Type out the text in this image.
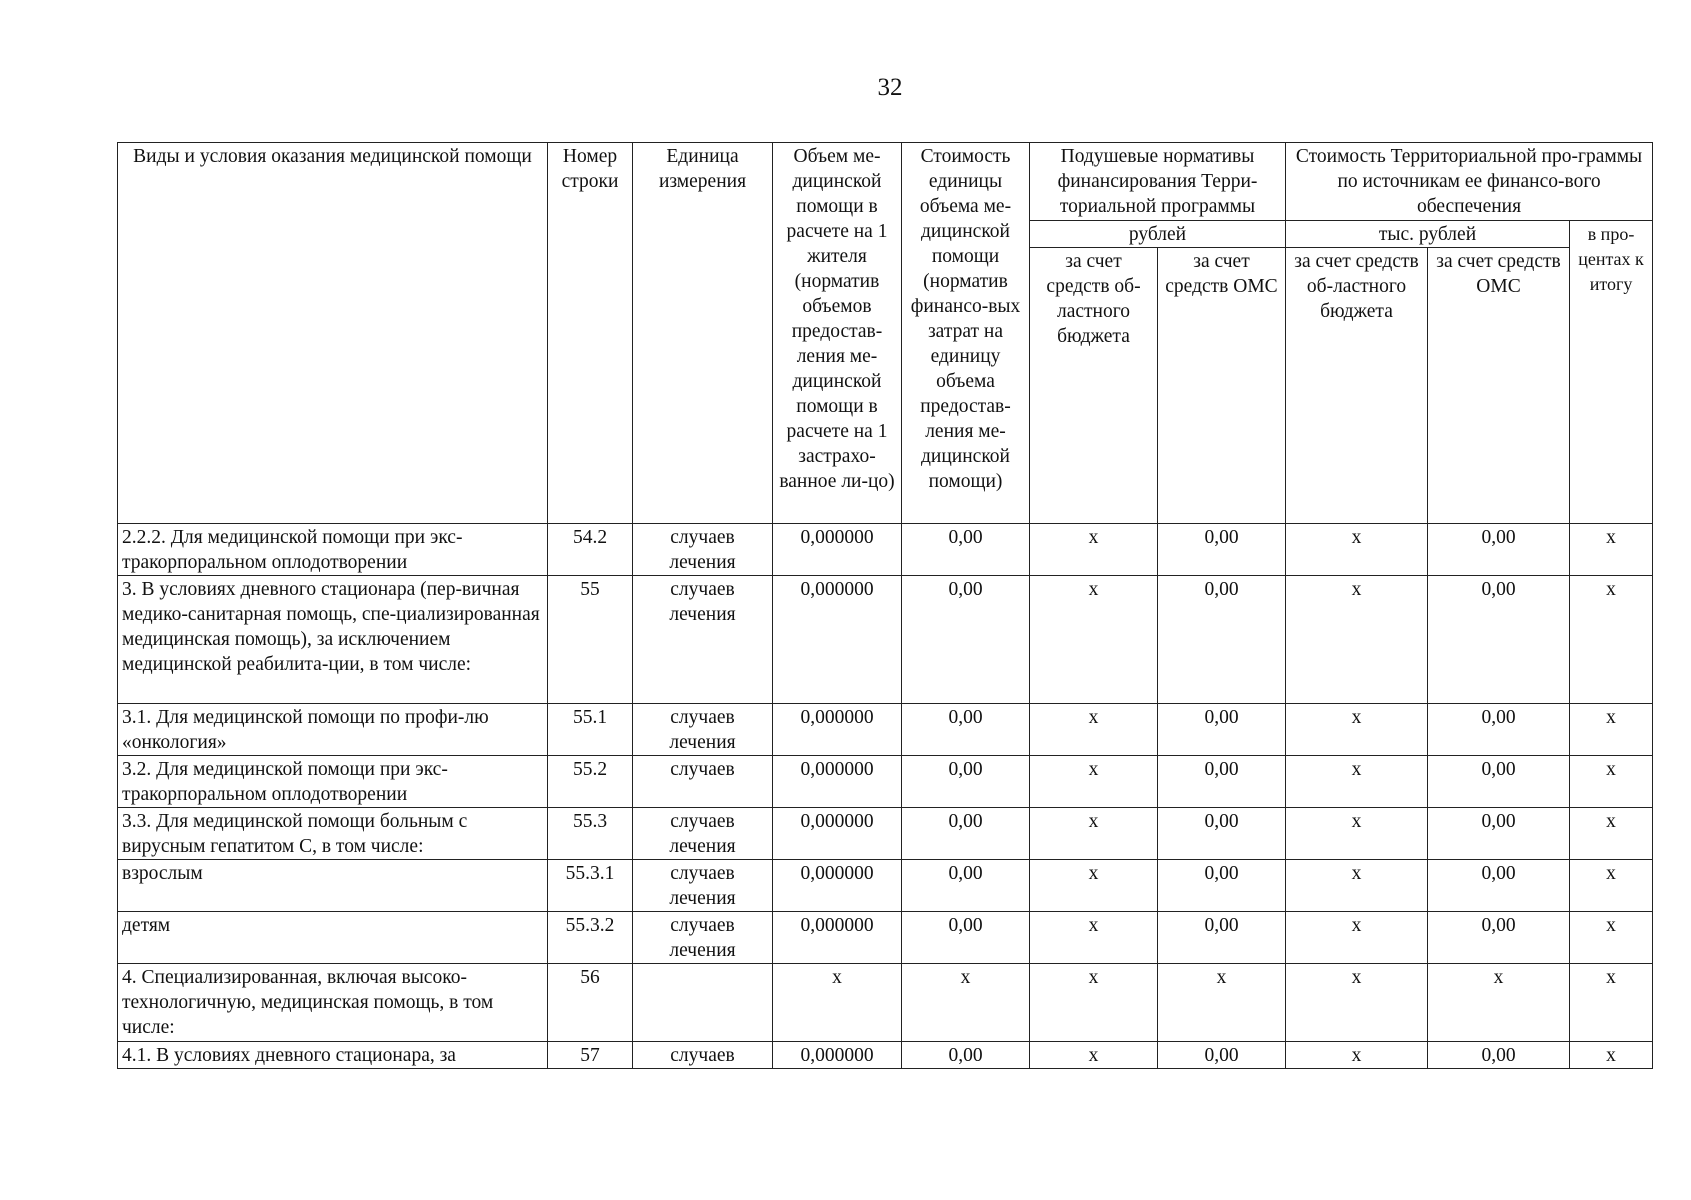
32
Виды и условия оказания медицинской помощи	Номер строки	Единица измерения	Объем ме-дицинской помощи в расчете на 1 жителя (норматив объемов предостав-ления ме-дицинской помощи в расчете на 1 застрахо-ванное ли-цо)	Стоимость единицы объема ме-дицинской помощи (норматив финансо-вых затрат на единицу объема предостав-ления ме-дицинской помощи)	Подушевые нормативы финансирования Терри-ториальной программы		Стоимость Территориальной про-граммы по источникам ее финансо-вого обеспечения		
					рублей		тыс. рублей		в про-центах к итогу
					за счет средств об-ластного бюджета	за счет средств ОМС	за счет средств об-ластного бюджета	за счет средств ОМС	
2.2.2. Для медицинской помощи при экс-тракорпоральном оплодотворении	54.2	случаев лечения	0,000000	0,00	х	0,00	х	0,00	х
3. В условиях дневного стационара (пер-вичная медико-санитарная помощь, спе-циализированная медицинская помощь), за исключением медицинской реабилита-ции, в том числе:	55	случаев лечения	0,000000	0,00	х	0,00	х	0,00	х
3.1. Для медицинской помощи по профи-лю «онкология»	55.1	случаев лечения	0,000000	0,00	х	0,00	х	0,00	х
3.2. Для медицинской помощи при экс-тракорпоральном оплодотворении	55.2	случаев	0,000000	0,00	х	0,00	х	0,00	х
3.3. Для медицинской помощи больным с вирусным гепатитом С, в том числе:	55.3	случаев лечения	0,000000	0,00	х	0,00	х	0,00	х
взрослым	55.3.1	случаев лечения	0,000000	0,00	х	0,00	х	0,00	х
детям	55.3.2	случаев лечения	0,000000	0,00	х	0,00	х	0,00	х
4. Специализированная, включая высоко-технологичную, медицинская помощь, в том числе:	56		х	х	х	х	х	х	х
4.1. В условиях дневного стационара, за	57	случаев	0,000000	0,00	х	0,00	х	0,00	х
